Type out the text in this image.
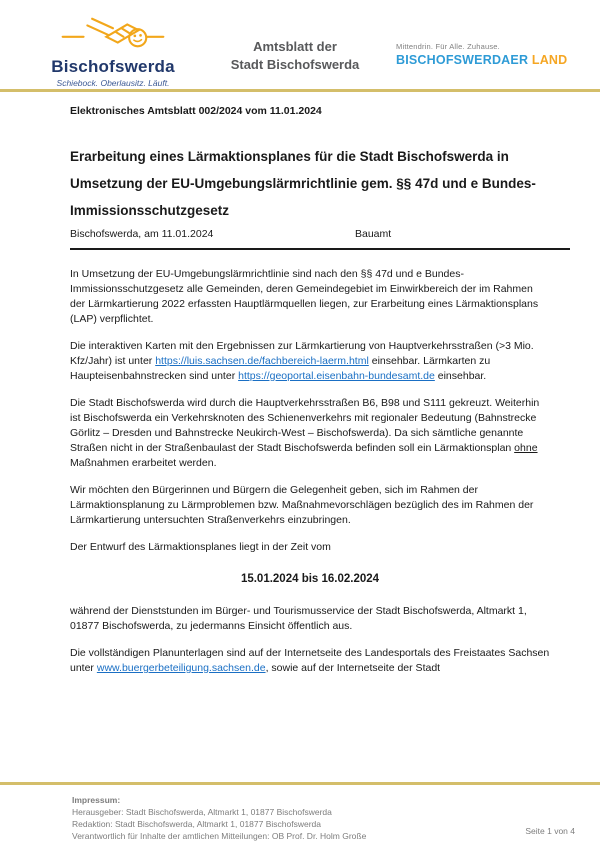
Bischofswerda
Schiebock. Oberlausitz. Läuft.
Amtsblatt der
Stadt Bischofswerda
Mittendrin. Für Alle. Zuhause.
BISCHOFSWERDAER LAND
Elektronisches Amtsblatt 002/2024 vom 11.01.2024
Erarbeitung eines Lärmaktionsplanes für die Stadt Bischofswerda in Umsetzung der EU-Umgebungslärmrichtlinie gem. §§ 47d und e Bundes-Immissionsschutzgesetz
Bischofswerda, am 11.01.2024	Bauamt

In Umsetzung der EU-Umgebungslärmrichtlinie sind nach den §§ 47d und e Bundes-Immissionsschutzgesetz alle Gemeinden, deren Gemeindegebiet im Einwirkbereich der im Rahmen der Lärmkartierung 2022 erfassten Hauptlärmquellen liegen, zur Erarbeitung eines Lärmaktionsplans (LAP) verpflichtet.

Die interaktiven Karten mit den Ergebnissen zur Lärmkartierung von Hauptverkehrsstraßen (>3 Mio. Kfz/Jahr) ist unter https://luis.sachsen.de/fachbereich-laerm.html einsehbar. Lärmkarten zu Haupteisenbahnstrecken sind unter https://geoportal.eisenbahn-bundesamt.de einsehbar.

Die Stadt Bischofswerda wird durch die Hauptverkehrsstraßen B6, B98 und S111 gekreuzt. Weiterhin ist Bischofswerda ein Verkehrsknoten des Schienenverkehrs mit regionaler Bedeutung (Bahnstrecke Görlitz – Dresden und Bahnstrecke Neukirch-West – Bischofswerda). Da sich sämtliche genannte Straßen nicht in der Straßenbaulast der Stadt Bischofswerda befinden soll ein Lärmaktionsplan ohne Maßnahmen erarbeitet werden.

Wir möchten den Bürgerinnen und Bürgern die Gelegenheit geben, sich im Rahmen der Lärmaktionsplanung zu Lärmproblemen bzw. Maßnahmevorschlägen bezüglich des im Rahmen der Lärmkartierung untersuchten Straßenverkehrs einzubringen.

Der Entwurf des Lärmaktionsplanes liegt in der Zeit vom

15.01.2024 bis 16.02.2024

während der Dienststunden im Bürger- und Tourismusservice der Stadt Bischofswerda, Altmarkt 1, 01877 Bischofswerda, zu jedermanns Einsicht öffentlich aus.

Die vollständigen Planunterlagen sind auf der Internetseite des Landesportals des Freistaates Sachsen unter www.buergerbeteiligung.sachsen.de, sowie auf der Internetseite der Stadt

Impressum:
Herausgeber: Stadt Bischofswerda, Altmarkt 1, 01877 Bischofswerda
Redaktion: Stadt Bischofswerda, Altmarkt 1, 01877 Bischofswerda
Verantwortlich für Inhalte der amtlichen Mitteilungen: OB Prof. Dr. Holm Große	Seite 1 von 4
